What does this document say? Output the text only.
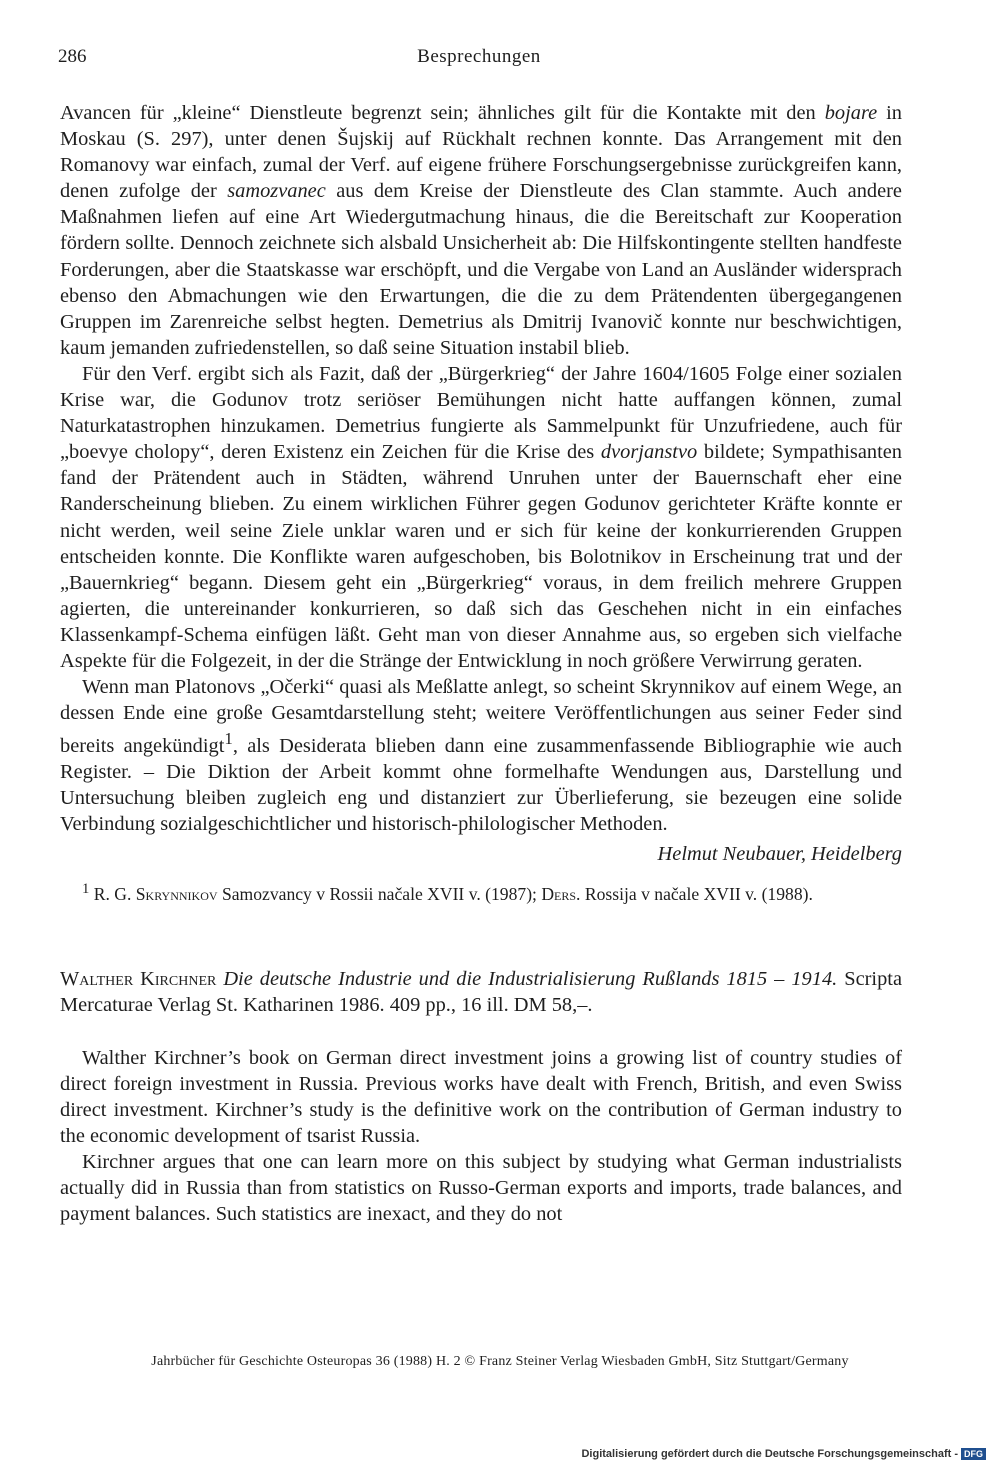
286	Besprechungen

Avancen für „kleine“ Dienstleute begrenzt sein; ähnliches gilt für die Kontakte mit den bojare in Moskau (S. 297), unter denen Šujskij auf Rückhalt rechnen konnte. Das Arrangement mit den Romanovy war einfach, zumal der Verf. auf eigene frühere Forschungsergebnisse zurückgreifen kann, denen zufolge der samozvanec aus dem Kreise der Dienstleute des Clan stammte. Auch andere Maßnahmen liefen auf eine Art Wiedergutmachung hinaus, die die Bereitschaft zur Kooperation fördern sollte. Dennoch zeichnete sich alsbald Unsicherheit ab: Die Hilfskontingente stellten handfeste Forderungen, aber die Staatskasse war erschöpft, und die Vergabe von Land an Ausländer widersprach ebenso den Abmachungen wie den Erwartungen, die die zu dem Prätendenten übergegangenen Gruppen im Zarenreiche selbst hegten. Demetrius als Dmitrij Ivanovič konnte nur beschwichtigen, kaum jemanden zufriedenstellen, so daß seine Situation instabil blieb.

Für den Verf. ergibt sich als Fazit, daß der „Bürgerkrieg“ der Jahre 1604/1605 Folge einer sozialen Krise war, die Godunov trotz seriöser Bemühungen nicht hatte auffangen können, zumal Naturkatastrophen hinzukamen. Demetrius fungierte als Sammelpunkt für Unzufriedene, auch für „boevye cholopy“, deren Existenz ein Zeichen für die Krise des dvorjanstvo bildete; Sympathisanten fand der Prätendent auch in Städten, während Unruhen unter der Bauernschaft eher eine Randerscheinung blieben. Zu einem wirklichen Führer gegen Godunov gerichteter Kräfte konnte er nicht werden, weil seine Ziele unklar waren und er sich für keine der konkurrierenden Gruppen entscheiden konnte. Die Konflikte waren aufgeschoben, bis Bolotnikov in Erscheinung trat und der „Bauernkrieg“ begann. Diesem geht ein „Bürgerkrieg“ voraus, in dem freilich mehrere Gruppen agierten, die untereinander konkurrieren, so daß sich das Geschehen nicht in ein einfaches Klassenkampf-Schema einfügen läßt. Geht man von dieser Annahme aus, so ergeben sich vielfache Aspekte für die Folgezeit, in der die Stränge der Entwicklung in noch größere Verwirrung geraten.

Wenn man Platonovs „Očerki“ quasi als Meßlatte anlegt, so scheint Skrynnikov auf einem Wege, an dessen Ende eine große Gesamtdarstellung steht; weitere Veröffentlichungen aus seiner Feder sind bereits angekündigt$^1$, als Desiderata blieben dann eine zusammenfassende Bibliographie wie auch Register. – Die Diktion der Arbeit kommt ohne formelhafte Wendungen aus, Darstellung und Untersuchung bleiben zugleich eng und distanziert zur Überlieferung, sie bezeugen eine solide Verbindung sozialgeschichtlicher und historisch-philologischer Methoden.

Helmut Neubauer, Heidelberg

$^1$ R. G. Skrynnikov Samozvancy v Rossii načale XVII v. (1987); Ders. Rossija v načale XVII v. (1988).

Walther Kirchner Die deutsche Industrie und die Industrialisierung Rußlands 1815 – 1914. Scripta Mercaturae Verlag St. Katharinen 1986. 409 pp., 16 ill. DM 58,–.

Walther Kirchner’s book on German direct investment joins a growing list of country studies of direct foreign investment in Russia. Previous works have dealt with French, British, and even Swiss direct investment. Kirchner’s study is the definitive work on the contribution of German industry to the economic development of tsarist Russia.

Kirchner argues that one can learn more on this subject by studying what German industrialists actually did in Russia than from statistics on Russo-German exports and imports, trade balances, and payment balances. Such statistics are inexact, and they do not

Jahrbücher für Geschichte Osteuropas 36 (1988) H. 2 © Franz Steiner Verlag Wiesbaden GmbH, Sitz Stuttgart/Germany
Digitalisierung gefördert durch die Deutsche Forschungsgemeinschaft - DFG
